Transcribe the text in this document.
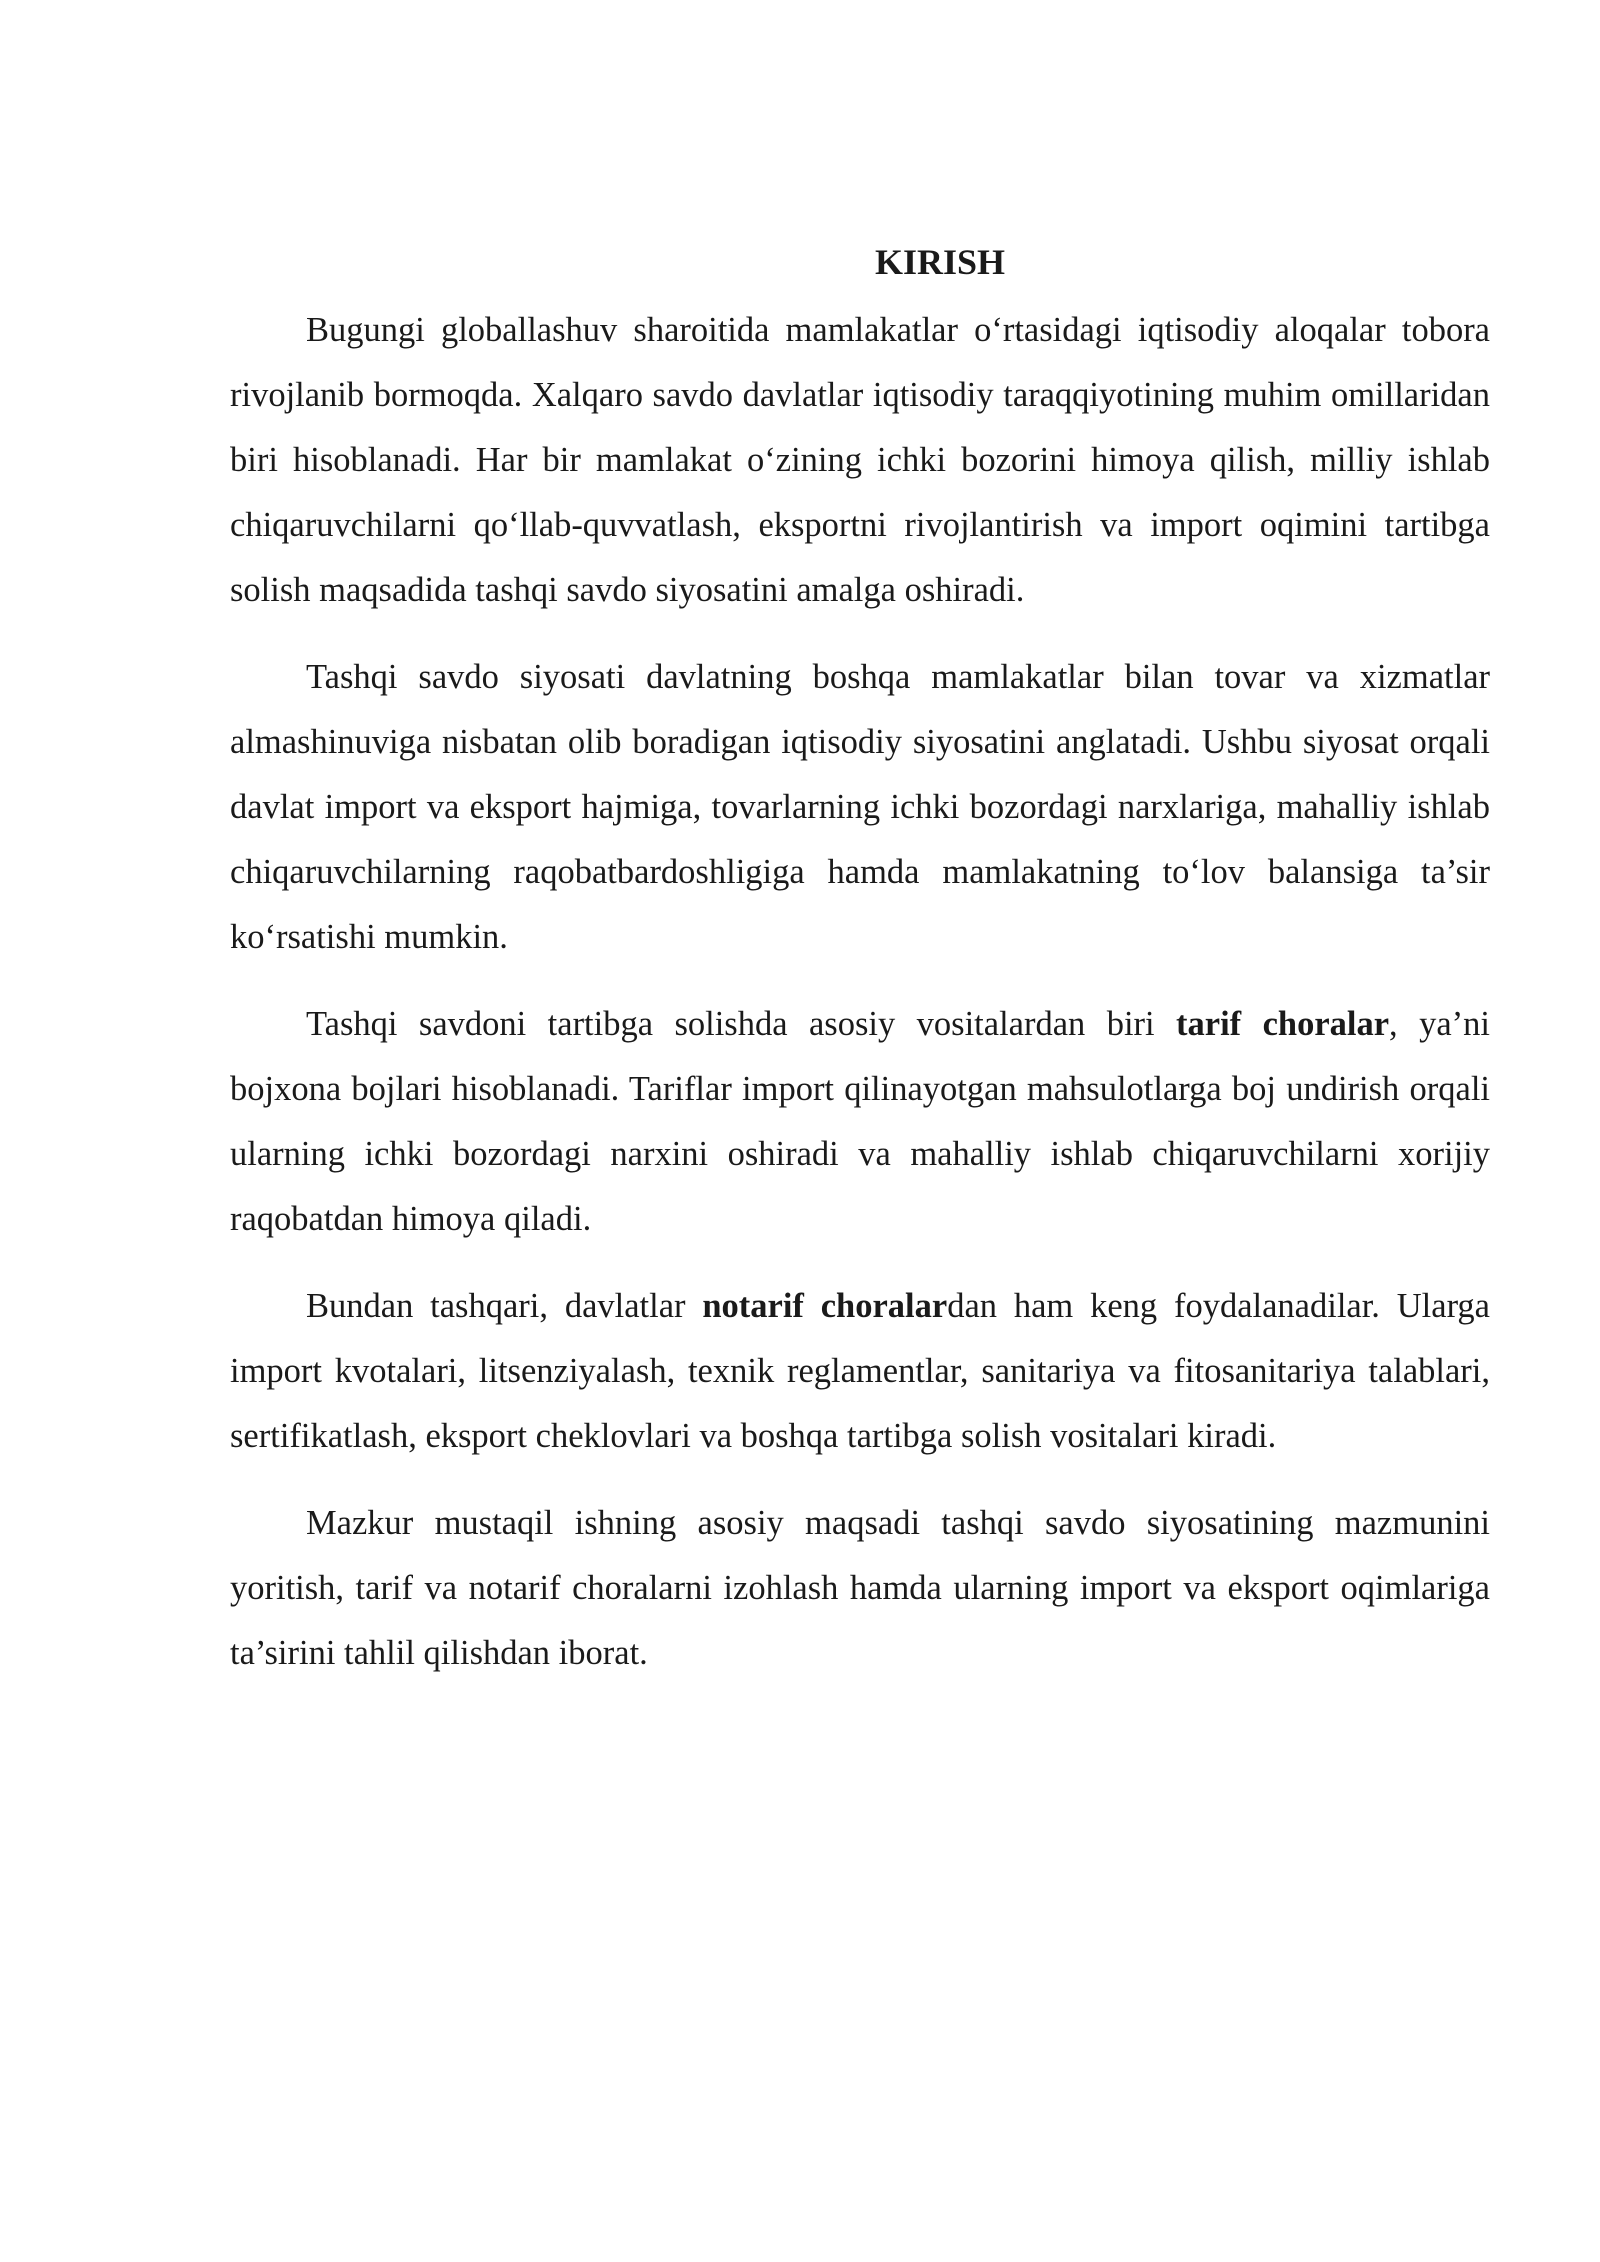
KIRISH

Bugungi globallashuv sharoitida mamlakatlar o‘rtasidagi iqtisodiy aloqalar tobora rivojlanib bormoqda. Xalqaro savdo davlatlar iqtisodiy taraqqiyotining muhim omillaridan biri hisoblanadi. Har bir mamlakat o‘zining ichki bozorini himoya qilish, milliy ishlab chiqaruvchilarni qo‘llab-quvvatlash, eksportni rivojlantirish va import oqimini tartibga solish maqsadida tashqi savdo siyosatini amalga oshiradi.

Tashqi savdo siyosati davlatning boshqa mamlakatlar bilan tovar va xizmatlar almashinuviga nisbatan olib boradigan iqtisodiy siyosatini anglatadi. Ushbu siyosat orqali davlat import va eksport hajmiga, tovarlarning ichki bozordagi narxlariga, mahalliy ishlab chiqaruvchilarning raqobatbardoshligiga hamda mamlakatning to‘lov balansiga ta’sir ko‘rsatishi mumkin.

Tashqi savdoni tartibga solishda asosiy vositalardan biri tarif choralar, ya’ni bojxona bojlari hisoblanadi. Tariflar import qilinayotgan mahsulotlarga boj undirish orqali ularning ichki bozordagi narxini oshiradi va mahalliy ishlab chiqaruvchilarni xorijiy raqobatdan himoya qiladi.

Bundan tashqari, davlatlar notarif choralardan ham keng foydalanadilar. Ularga import kvotalari, litsenziyalash, texnik reglamentlar, sanitariya va fitosanitariya talablari, sertifikatlash, eksport cheklovlari va boshqa tartibga solish vositalari kiradi.

Mazkur mustaqil ishning asosiy maqsadi tashqi savdo siyosatining mazmunini yoritish, tarif va notarif choralarni izohlash hamda ularning import va eksport oqimlariga ta’sirini tahlil qilishdan iborat.
